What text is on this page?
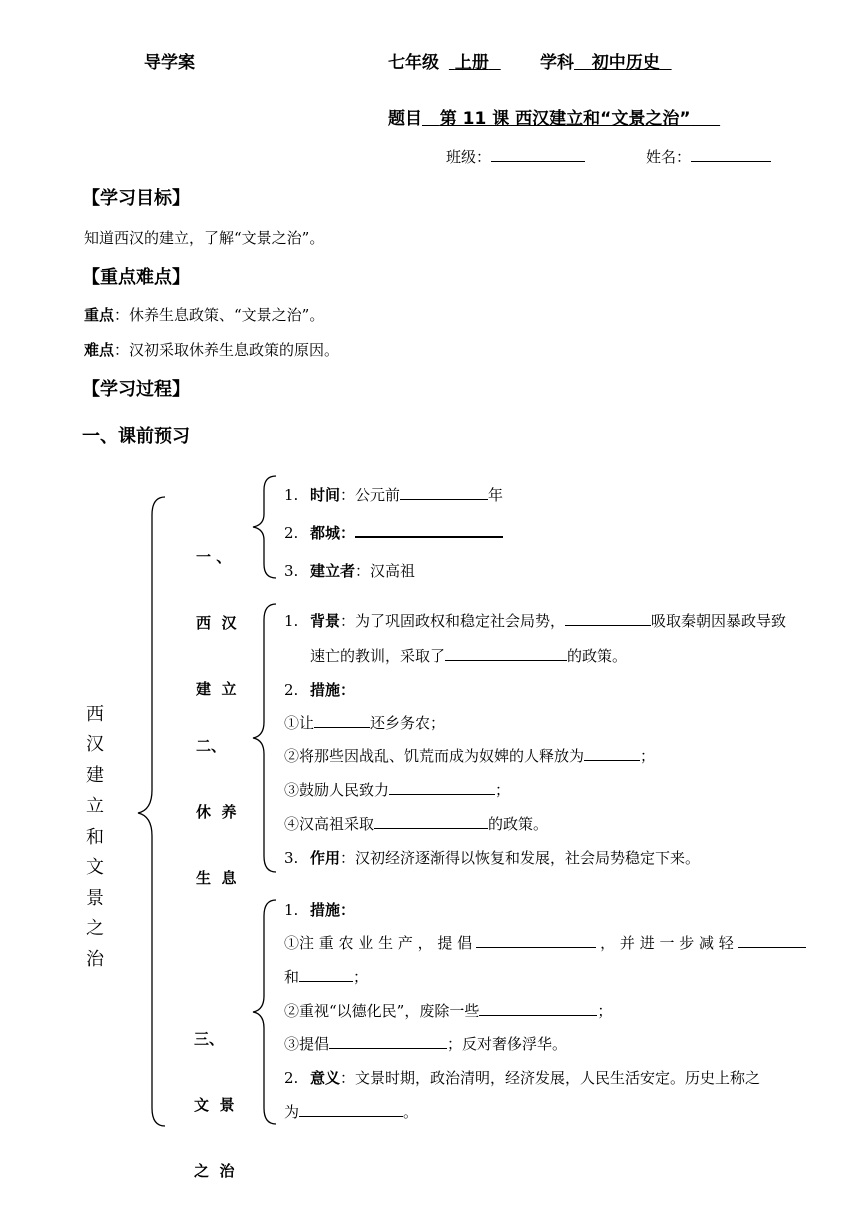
导学案	七年级 上册	学科 初中历史
题目 第 11 课 西汉建立和“文景之治”
班级：	姓名：
【学习目标】
知道西汉的建立，了解“文景之治”。
【重点难点】
重点：休养生息政策、“文景之治”。
难点：汉初采取休养生息政策的原因。
【学习过程】
一、课前预习
西
汉
建
立
和
文
景
之
治

一 、

西  汉

建  立

1. 时间：公元前	年
2. 都城：
3. 建立者：汉高祖

二、

休  养

生  息

1. 背景：为了巩固政权和稳定社会局势，	吸取秦朝因暴政导致
速亡的教训，采取了	的政策。
2. 措施：
①让	还乡务农；
②将那些因战乱、饥荒而成为奴婢的人释放为	；
③鼓励人民致力	；
④汉高祖采取	的政策。
3. 作用：汉初经济逐渐得以恢复和发展，社会局势稳定下来。

三、

文  景

之  治

1. 措施：
①注 重 农 业 生 产 ， 提 倡	， 并 进 一 步 减 轻
和	；
②重视“以德化民”，废除一些	；
③提倡	；反对奢侈浮华。
2. 意义：文景时期，政治清明，经济发展，人民生活安定。历史上称之
为	。
